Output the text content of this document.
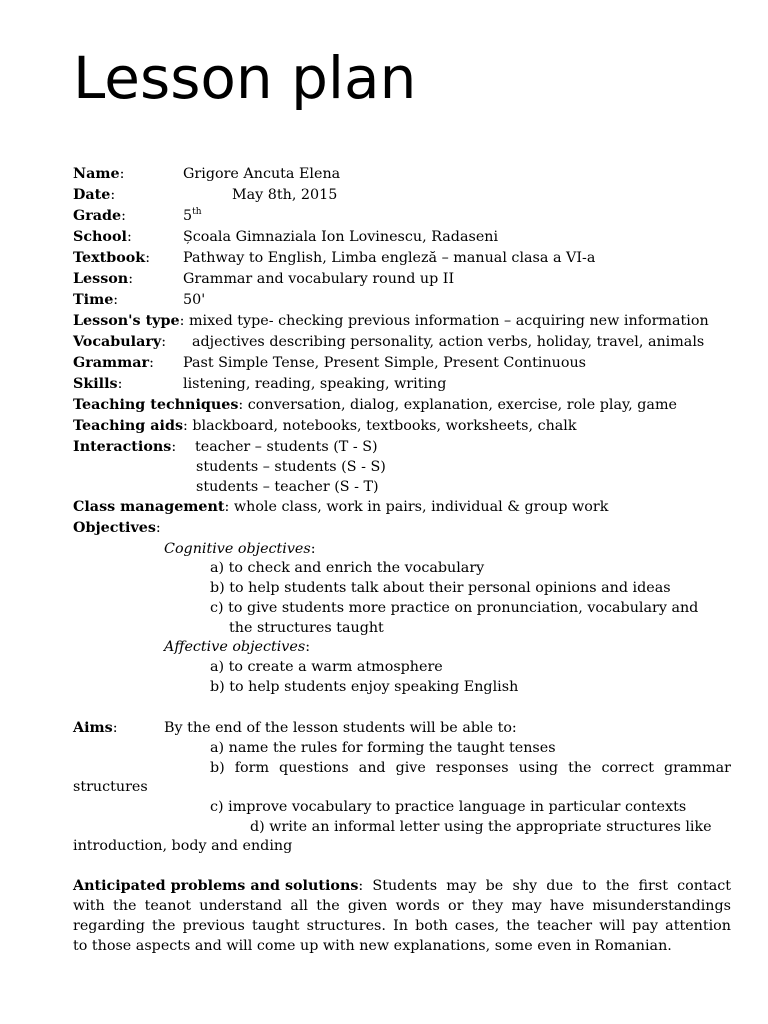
Lesson plan
Name:	Grigore Ancuta Elena
Date:	May 8th, 2015
Grade:	5th
School:	Școala Gimnaziala Ion Lovinescu, Radaseni
Textbook: Pathway to English, Limba engleză – manual clasa a VI-a
Lesson:	Grammar and vocabulary round up II
Time:	50'
Lesson's type: mixed type- checking previous information – acquiring new information
Vocabulary: adjectives describing personality, action verbs, holiday, travel, animals
Grammar: Past Simple Tense, Present Simple, Present Continuous
Skills:	listening, reading, speaking, writing
Teaching techniques: conversation, dialog, explanation, exercise, role play, game
Teaching aids: blackboard, notebooks, textbooks, worksheets, chalk
Interactions: teacher – students (T - S)
students – students (S - S)
students – teacher (S - T)
Class management: whole class, work in pairs, individual & group work
Objectives:
Cognitive objectives:
a) to check and enrich the vocabulary
b) to help students talk about their personal opinions and ideas
c) to give students more practice on pronunciation, vocabulary and
the structures taught
Affective objectives:
a) to create a warm atmosphere
b) to help students enjoy speaking English
Aims:	By the end of the lesson students will be able to:
a) name the rules for forming the taught tenses
b) form questions and give responses using the correct grammar
structures
c) improve vocabulary to practice language in particular contexts
d) write an informal letter using the appropriate structures like
introduction, body and ending
Anticipated problems and solutions : Students may be shy due to the first contact
with the teanot understand all the given words or they may have misunderstandings
regarding the previous taught structures. In both cases, the teacher will pay attention
to those aspects and will come up with new explanations, some even in Romanian.
